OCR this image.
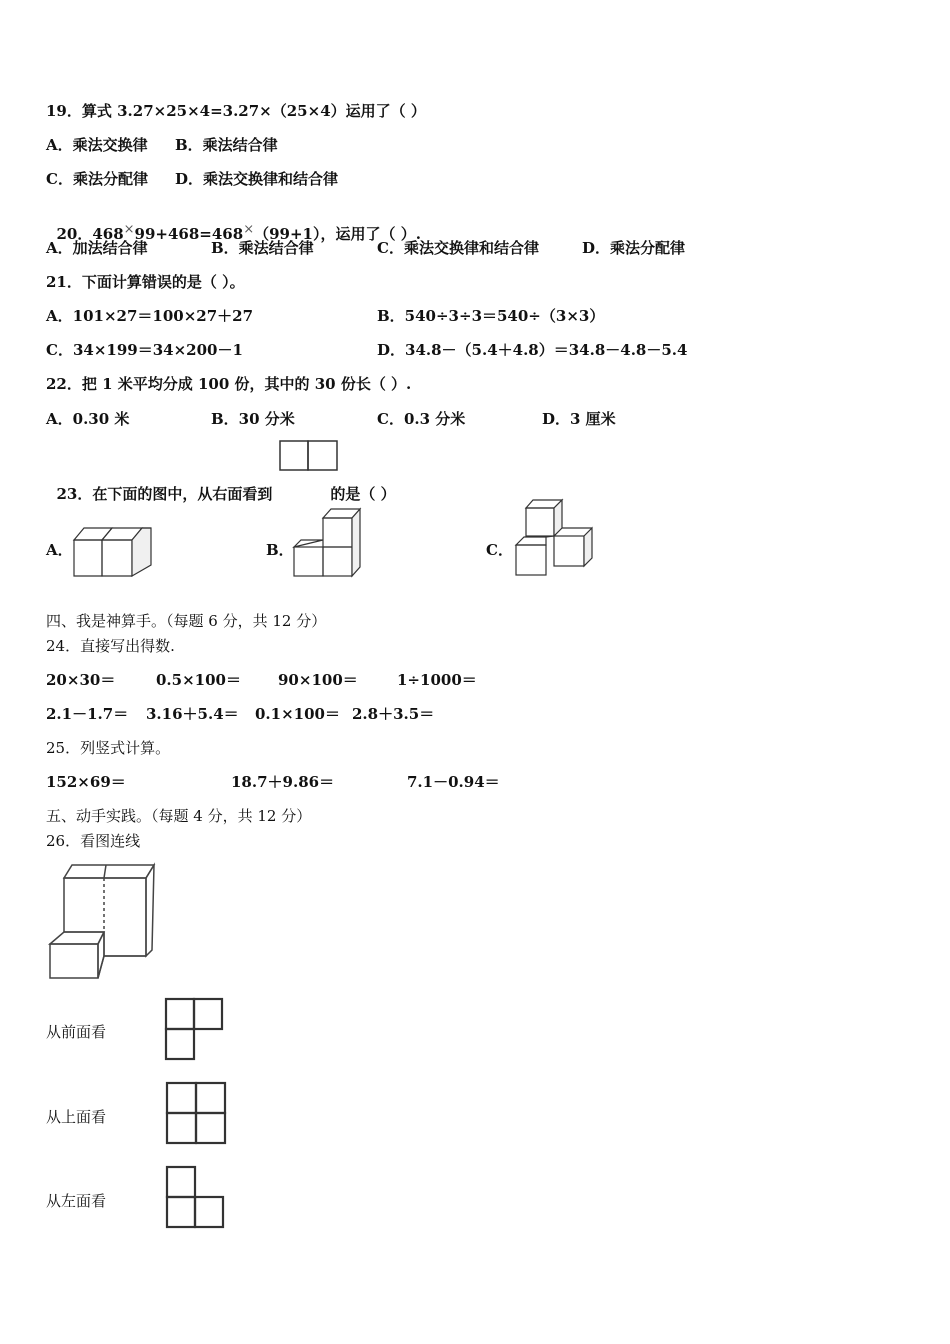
19．算式 3.27×25×4=3.27×（25×4）运用了（ ）
A．乘法交换律 B．乘法结合律
C．乘法分配律 D．乘法交换律和结合律

20．468×99+468=468×（99+1），运用了（ ）.

A．加法结合律	B．乘法结合律	C．乘法交换律和结合律	D．乘法分配律
21．下面计算错误的是（ ）。
A．101×27＝100×27＋27	B．540÷3÷3＝540÷（3×3）
C．34×199＝34×200－1	D．34.8－（5.4＋4.8）＝34.8－4.8－5.4
22．把 1 米平均分成 100 份，其中的 30 份长（ ）.
A．0.30 米	B．30 分米	C．0.3 分米	D．3 厘米

23．在下面的图中，从右面看到	的是（ ）

A．	B．	C．
四、我是神算手。（每题 6 分，共 12 分）
24．直接写出得数.
20×30＝	0.5×100＝ 90×100＝	1÷1000＝
2.1－1.7＝ 3.16＋5.4＝ 0.1×100＝ 2.8＋3.5＝
25．列竖式计算。
152×69＝	18.7＋9.86＝	7.1－0.94＝
五、动手实践。（每题 4 分，共 12 分）
26．看图连线
从前面看
从上面看
从左面看
